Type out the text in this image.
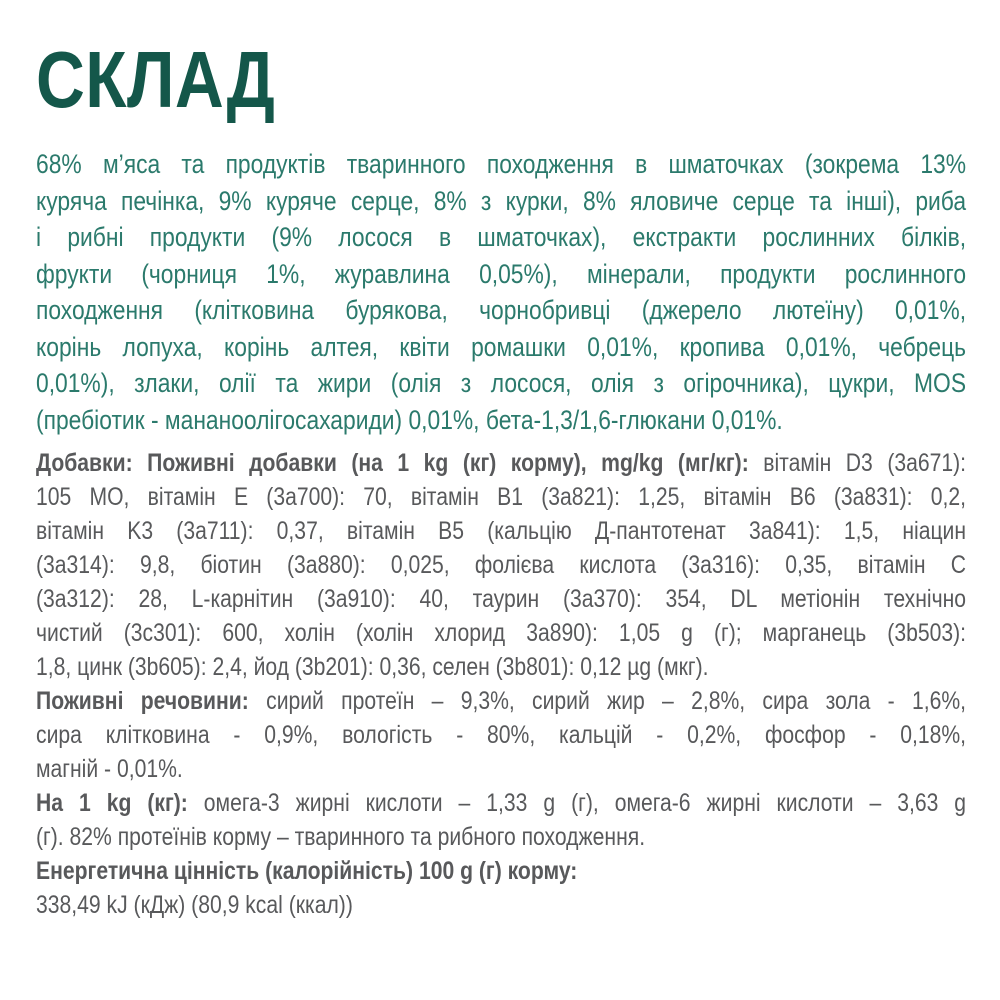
СКЛАД
68% м’яса та продуктів тваринного походження в шматочках (зокрема 13%
куряча печінка, 9% куряче серце, 8% з курки, 8% яловиче серце та інші), риба
і рибні продукти (9% лосося в шматочках), екстракти рослинних білків,
фрукти (чорниця 1%, журавлина 0,05%), мінерали, продукти рослинного
походження (клітковина бурякова, чорнобривці (джерело лютеїну) 0,01%,
корінь лопуха, корінь алтея, квіти ромашки 0,01%, кропива 0,01%, чебрець
0,01%), злаки, олії та жири (олія з лосося, олія з огірочника), цукри, MOS
(пребіотик - мананоолігосахариди) 0,01%, бета-1,3/1,6-глюкани 0,01%.
Добавки: Поживні добавки (на 1 kg (кг) корму), mg/kg (мг/кг): вітамін D3 (3a671):
105 МО, вітамін E (3a700): 70, вітамін B1 (3a821): 1,25, вітамін B6 (3a831): 0,2,
вітамін K3 (3a711): 0,37, вітамін B5 (кальцію Д-пантотенат 3a841): 1,5, ніацин
(3a314): 9,8, біотин (3a880): 0,025, фолієва кислота (3a316): 0,35, вітамін C
(3a312): 28, L-карнітин (3a910): 40, таурин (3a370): 354, DL метіонін технічно
чистий (3c301): 600, холін (холін хлорид 3a890): 1,05 g (г); марганець (3b503):
1,8, цинк (3b605): 2,4, йод (3b201): 0,36, селен (3b801): 0,12 µg (мкг).
Поживні речовини: сирий протеїн – 9,3%, сирий жир – 2,8%, сира зола - 1,6%,
сира клітковина - 0,9%, вологість - 80%, кальцій - 0,2%, фосфор - 0,18%,
магній - 0,01%.
На 1 kg (кг): омега-3 жирні кислоти – 1,33 g (г), омега-6 жирні кислоти – 3,63 g
(г). 82% протеїнів корму – тваринного та рибного походження.
Енергетична цінність (калорійність) 100 g (г) корму:
338,49 kJ (кДж) (80,9 kcal (ккал))
